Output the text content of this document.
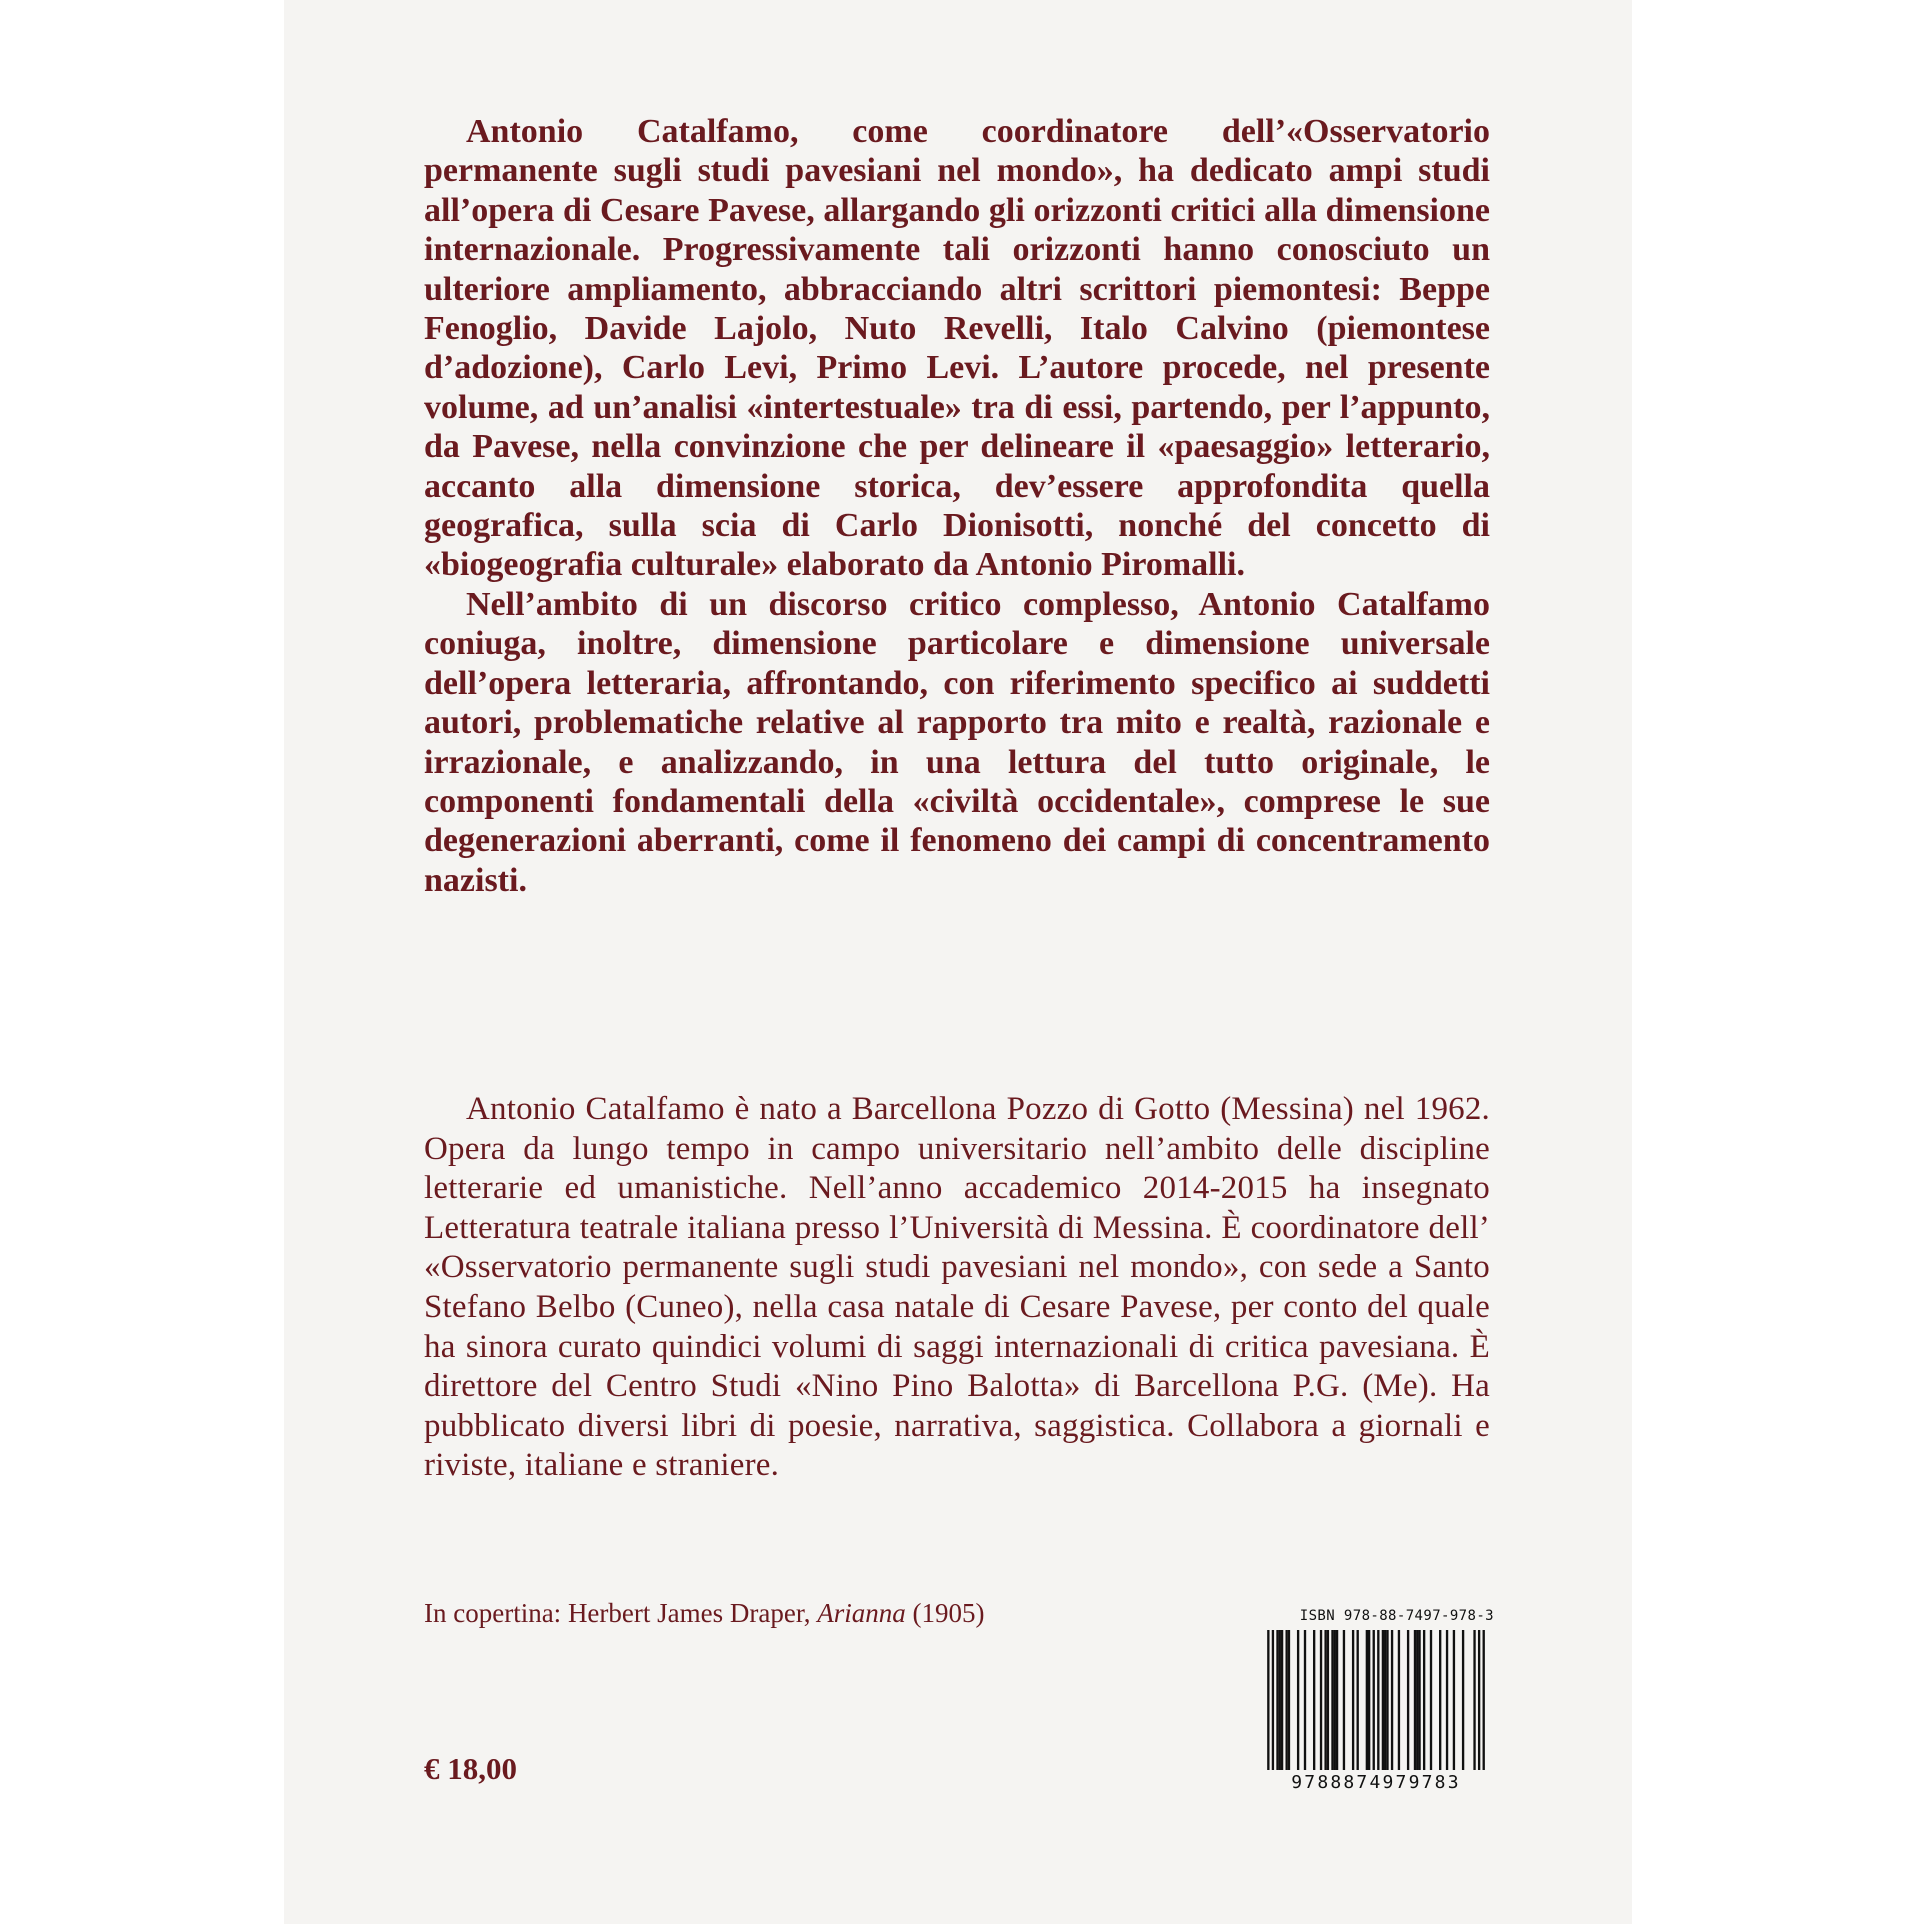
Antonio Catalfamo, come coordinatore dell’«Osservatorio permanente sugli studi pavesiani nel mondo», ha dedicato ampi studi all’opera di Cesare Pavese, allargando gli orizzonti critici alla dimensione internazionale. Progressivamente tali orizzonti hanno conosciuto un ulteriore ampliamento, abbracciando altri scrittori piemontesi: Beppe Fenoglio, Davide Lajolo, Nuto Revelli, Italo Calvino (piemontese d’adozione), Carlo Levi, Primo Levi. L’autore procede, nel presente volume, ad un’analisi «intertestuale» tra di essi, partendo, per l’appunto, da Pavese, nella convinzione che per delineare il «paesaggio» letterario, accanto alla dimensione storica, dev’essere approfondita quella geografica, sulla scia di Carlo Dionisotti, nonché del concetto di «biogeografia culturale» elaborato da Antonio Piromalli.

Nell’ambito di un discorso critico complesso, Antonio Catalfamo coniuga, inoltre, dimensione particolare e dimensione universale dell’opera letteraria, affrontando, con riferimento specifico ai suddetti autori, problematiche relative al rapporto tra mito e realtà, razionale e irrazionale, e analizzando, in una lettura del tutto originale, le componenti fondamentali della «civiltà occidentale», comprese le sue degenerazioni aberranti, come il fenomeno dei campi di concentramento nazisti.

Antonio Catalfamo è nato a Barcellona Pozzo di Gotto (Messina) nel 1962. Opera da lungo tempo in campo universitario nell’ambito delle discipline letterarie ed umanistiche. Nell’anno accademico 2014-2015 ha insegnato Letteratura teatrale italiana presso l’Università di Messina. È coordinatore dell’ «Osservatorio permanente sugli studi pavesiani nel mondo», con sede a Santo Stefano Belbo (Cuneo), nella casa natale di Cesare Pavese, per conto del quale ha sinora curato quindici volumi di saggi internazionali di critica pavesiana. È direttore del Centro Studi «Nino Pino Balotta» di Barcellona P.G. (Me). Ha pubblicato diversi libri di poesie, narrativa, saggistica. Collabora a giornali e riviste, italiane e straniere.

In copertina: Herbert James Draper, Arianna (1905)
€ 18,00
ISBN 978-88-7497-978-3
9788874979783
